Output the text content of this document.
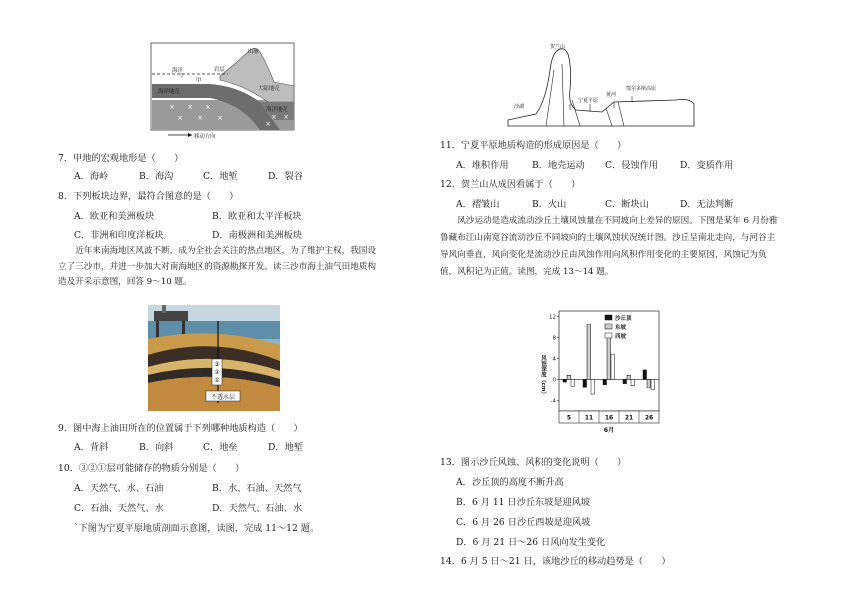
× × ×
× × ×	× ×
×
山脉
海洋	岩层
甲
海洋地壳	大陆地壳
海洋地壳
移动方向
▽
7．甲地的宏观地形是（　　）
A．海岭	B．海沟	C．地堑	D．裂谷
8．下列板块边界，最符合图意的是（　　）
A．欧亚和美洲板块	B．欧亚和太平洋板块
C．非洲和印度洋板块	D．南极洲和美洲板块
近年来南海地区风波不断，成为全社会关注的热点地区，为了维护主权，我国设立了三沙市，并进一步加大对南海地区的资源勘探开发。读三沙市海上油气田地质构造及开采示意图，回答 9～10 题。
③
②
①
不透水层
9．图中海上油田所在的位置属于下列哪种地质构造（　　）
A．背斜	B．向斜	C．地垒	D．地堑
10．③②①层可能储存的物质分别是（　　）
A．天然气、水、石油	B．水、石油、天然气
C．石油、天然气、水	D．天然气、石油、水
`下图为宁夏平原地质剖面示意图，读图，完成 11～12 题。
贺兰山
沙湖
宁夏平原
黄河
鄂尔多斯高原
11．宁夏平原地质构造的形成原因是（　　）
A．堆积作用	B．地壳运动 C．侵蚀作用 D．变质作用
12．贺兰山从成因看属于（　　）
A．褶皱山	B．火山	C．断块山	D．无法判断
风沙运动是造成流动沙丘土壤风蚀量在不同坡向上差异的原因。下图是某年 6 月份雅鲁藏布江山南宽谷流动沙丘不同坡向的土壤风蚀状况统计图。沙丘呈南北走向，与河谷主导风向垂直，风向变化是流动沙丘由风蚀作用向风积作用变化的主要原因，风蚀记为负值，风积记为正值。读图，完成 13～14 题。
12
8
4
0
-4
风蚀深度（cm）
5 11 16 21 26
6月
沙丘顶
东坡
西坡
13．图示沙丘风蚀、风积的变化说明（　　）
A．沙丘顶的高度不断升高
B．6 月 11 日沙丘东坡是迎风坡
C．6 月 26 日沙丘西坡是迎风坡
D．6 月 21 日～26 日风向发生变化
14．6 月 5 日～21 日，该地沙丘的移动趋势是（　　）
